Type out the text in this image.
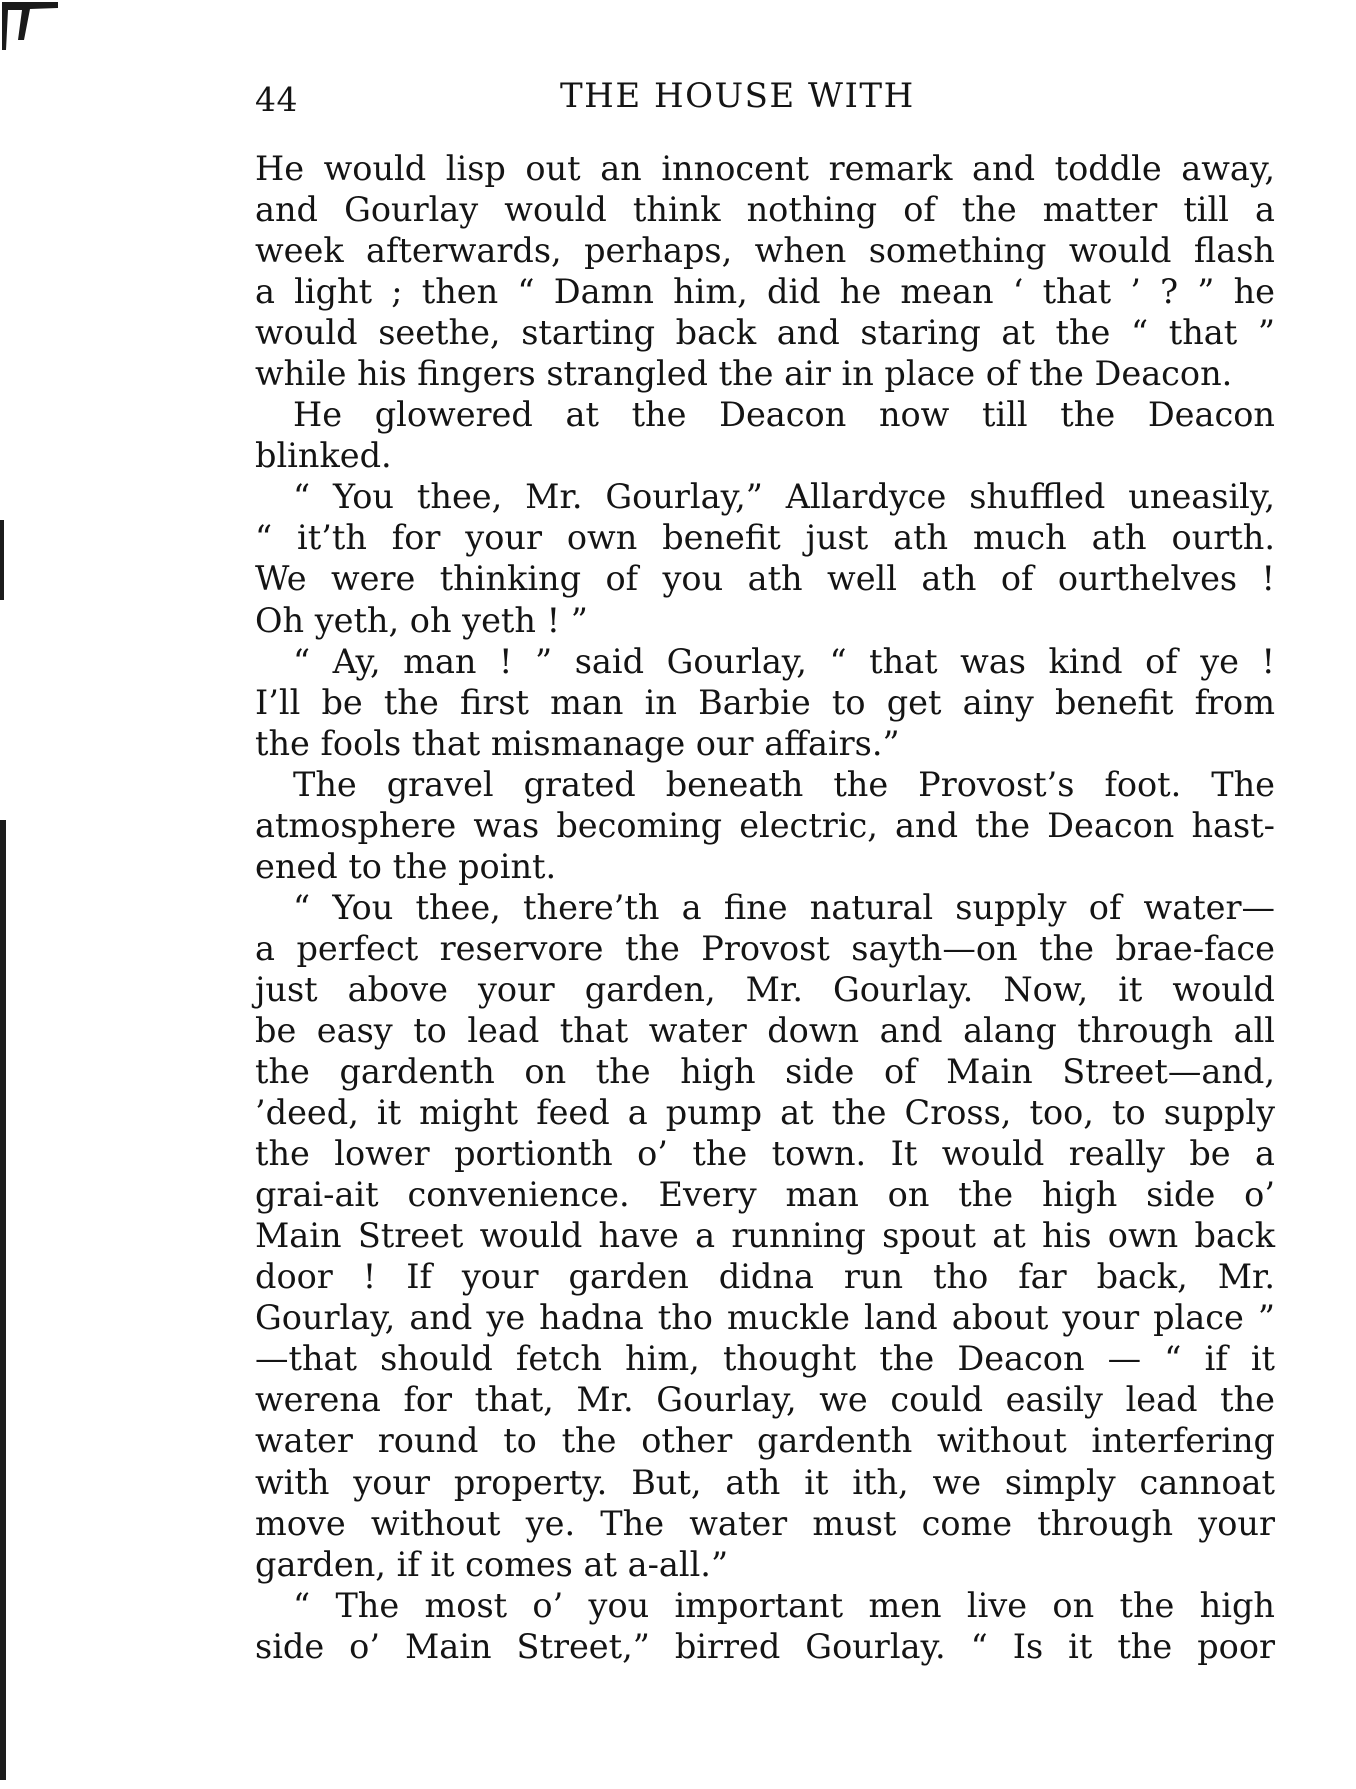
44	THE HOUSE WITH
He would lisp out an innocent remark and toddle away,
and Gourlay would think nothing of the matter till a
week afterwards, perhaps, when something would flash
a light ; then “ Damn him, did he mean ‘ that ’ ? ” he
would seethe, starting back and staring at the “ that ”
while his fingers strangled the air in place of the Deacon.
He glowered at the Deacon now till the Deacon
blinked.
“ You thee, Mr. Gourlay,” Allardyce shuffled uneasily,
“ it’th for your own benefit just ath much ath ourth.
We were thinking of you ath well ath of ourthelves !
Oh yeth, oh yeth ! ”
“ Ay, man ! ” said Gourlay, “ that was kind of ye !
I’ll be the first man in Barbie to get ainy benefit from
the fools that mismanage our affairs.”
The gravel grated beneath the Provost’s foot. The
atmosphere was becoming electric, and the Deacon hast-
ened to the point.
“ You thee, there’th a fine natural supply of water—
a perfect reservore the Provost sayth—on the brae-face
just above your garden, Mr. Gourlay. Now, it would
be easy to lead that water down and alang through all
the gardenth on the high side of Main Street—and,
’deed, it might feed a pump at the Cross, too, to supply
the lower portionth o’ the town. It would really be a
grai-ait convenience. Every man on the high side o’
Main Street would have a running spout at his own back
door ! If your garden didna run tho far back, Mr.
Gourlay, and ye hadna tho muckle land about your place ”
—that should fetch him, thought the Deacon — “ if it
werena for that, Mr. Gourlay, we could easily lead the
water round to the other gardenth without interfering
with your property. But, ath it ith, we simply cannoat
move without ye. The water must come through your
garden, if it comes at a-all.”
“ The most o’ you important men live on the high
side o’ Main Street,” birred Gourlay. “ Is it the poor
